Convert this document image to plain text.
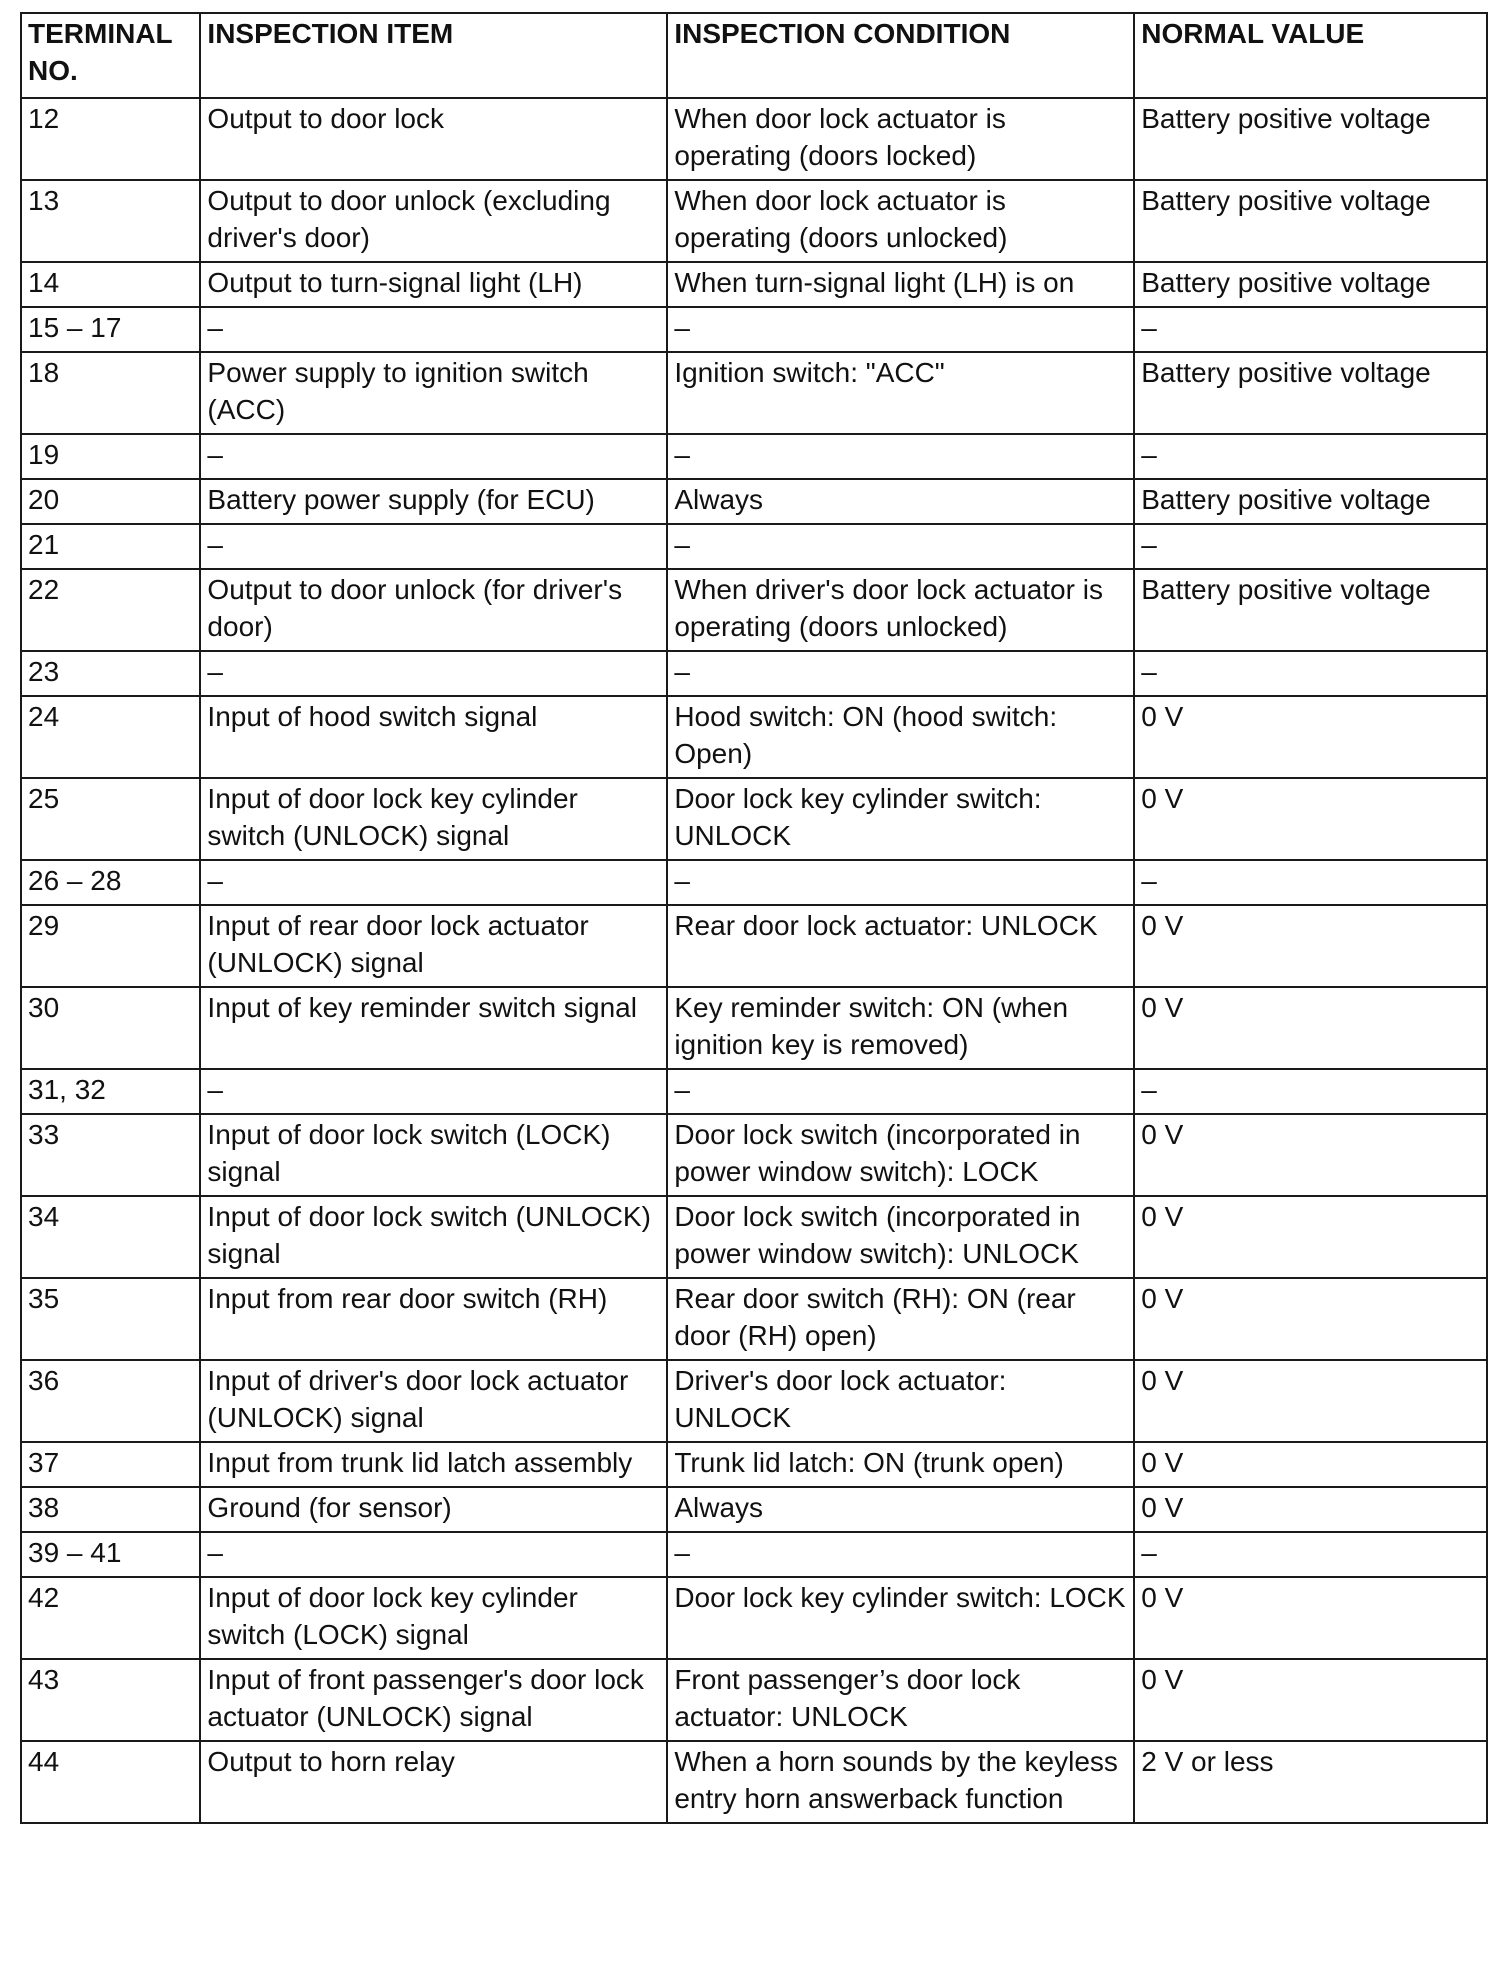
TERMINAL NO.	INSPECTION ITEM	INSPECTION CONDITION	NORMAL VALUE
12	Output to door lock	When door lock actuator is operating (doors locked)	Battery positive voltage
13	Output to door unlock (excluding driver's door)	When door lock actuator is operating (doors unlocked)	Battery positive voltage
14	Output to turn-signal light (LH)	When turn-signal light (LH) is on	Battery positive voltage
15 – 17	–	–	–
18	Power supply to ignition switch (ACC)	Ignition switch: "ACC"	Battery positive voltage
19	–	–	–
20	Battery power supply (for ECU)	Always	Battery positive voltage
21	–	–	–
22	Output to door unlock (for driver's door)	When driver's door lock actuator is operating (doors unlocked)	Battery positive voltage
23	–	–	–
24	Input of hood switch signal	Hood switch: ON (hood switch: Open)	0 V
25	Input of door lock key cylinder switch (UNLOCK) signal	Door lock key cylinder switch: UNLOCK	0 V
26 – 28	–	–	–
29	Input of rear door lock actuator (UNLOCK) signal	Rear door lock actuator: UNLOCK	0 V
30	Input of key reminder switch signal	Key reminder switch: ON (when ignition key is removed)	0 V
31, 32	–	–	–
33	Input of door lock switch (LOCK) signal	Door lock switch (incorporated in power window switch): LOCK	0 V
34	Input of door lock switch (UNLOCK) signal	Door lock switch (incorporated in power window switch): UNLOCK	0 V
35	Input from rear door switch (RH)	Rear door switch (RH): ON (rear door (RH) open)	0 V
36	Input of driver's door lock actuator (UNLOCK) signal	Driver's door lock actuator: UNLOCK	0 V
37	Input from trunk lid latch assembly	Trunk lid latch: ON (trunk open)	0 V
38	Ground (for sensor)	Always	0 V
39 – 41	–	–	–
42	Input of door lock key cylinder switch (LOCK) signal	Door lock key cylinder switch: LOCK	0 V
43	Input of front passenger's door lock actuator (UNLOCK) signal	Front passenger’s door lock actuator: UNLOCK	0 V
44	Output to horn relay	When a horn sounds by the keyless entry horn answerback function	2 V or less
